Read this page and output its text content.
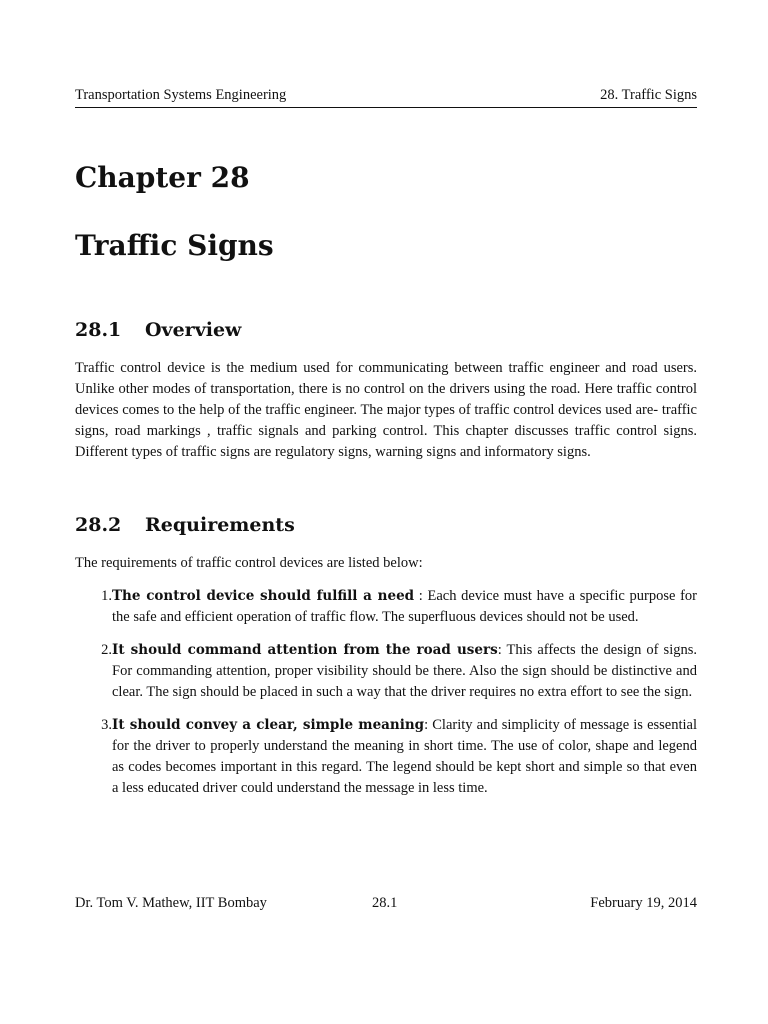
Transportation Systems Engineering	28. Traffic Signs
Chapter 28
Traffic Signs
28.1	Overview

Traffic control device is the medium used for communicating between traffic engineer and road users. Unlike other modes of transportation, there is no control on the drivers using the road. Here traffic control devices comes to the help of the traffic engineer. The major types of traffic control devices used are- traffic signs, road markings , traffic signals and parking control. This chapter discusses traffic control signs. Different types of traffic signs are regulatory signs, warning signs and informatory signs.

28.2	Requirements

The requirements of traffic control devices are listed below:

1. The control device should fulfill a need : Each device must have a specific purpose for the safe and efficient operation of traffic flow. The superfluous devices should not be used.
2. It should command attention from the road users: This affects the design of signs. For commanding attention, proper visibility should be there. Also the sign should be distinctive and clear. The sign should be placed in such a way that the driver requires no extra effort to see the sign.
3. It should convey a clear, simple meaning: Clarity and simplicity of message is essential for the driver to properly understand the meaning in short time. The use of color, shape and legend as codes becomes important in this regard. The legend should be kept short and simple so that even a less educated driver could understand the message in less time.
Dr. Tom V. Mathew, IIT Bombay	28.1	February 19, 2014
